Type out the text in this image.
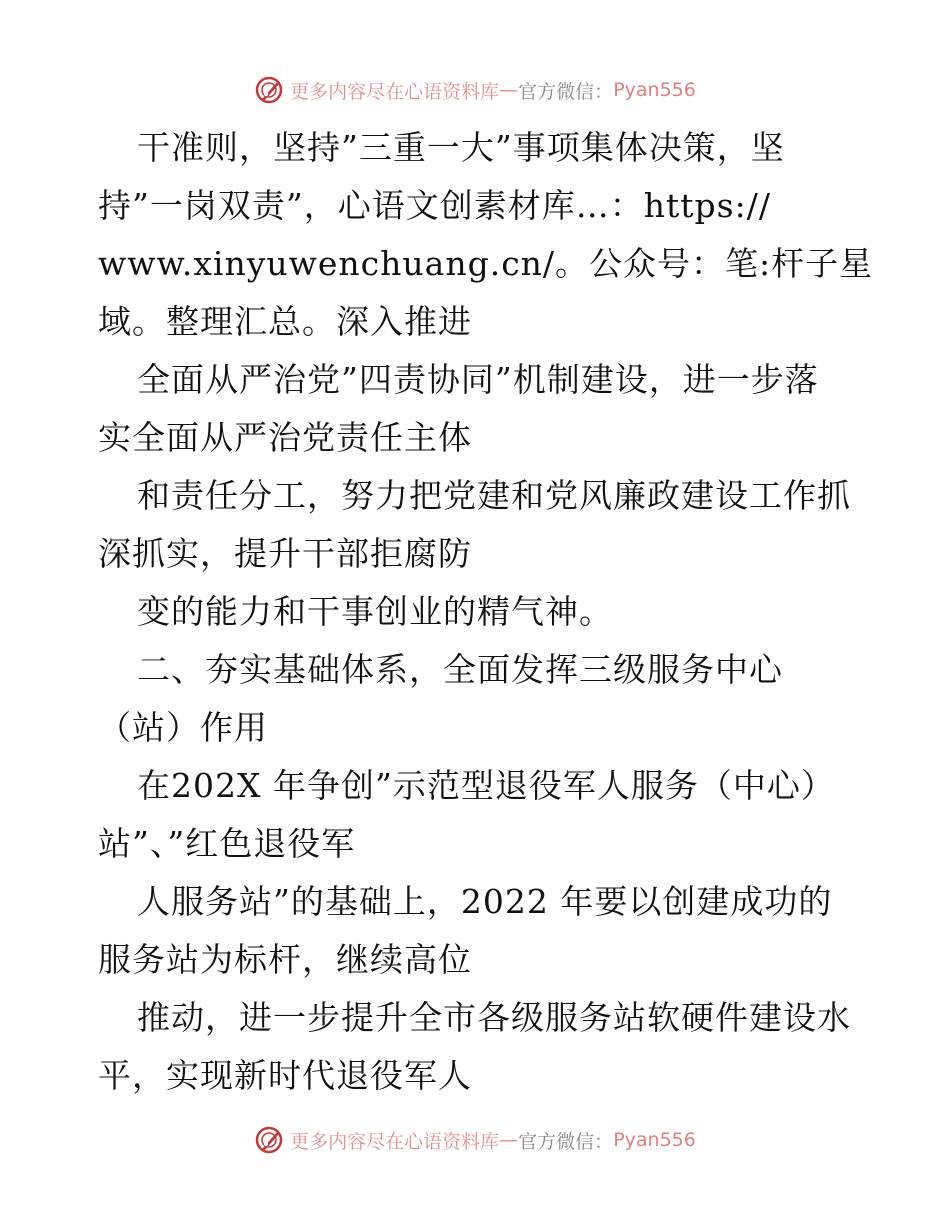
更多内容尽在心语资料库 — 官方微信： Pyan556
干准则，坚持”三重一大”事项集体决策，坚
持”一岗双责”，心语文创素材库…：https://
www.xinyuwenchuang.cn/。公众号：笔:杆子星
域。整理汇总。深入推进
全面从严治党”四责协同”机制建设，进一步落
实全面从严治党责任主体
和责任分工，努力把党建和党风廉政建设工作抓
深抓实，提升干部拒腐防
变的能力和干事创业的精气神。
二、夯实基础体系，全面发挥三级服务中心
（站）作用
在202X 年争创”示范型退役军人服务（中心）
站”、”红色退役军
人服务站”的基础上，2022 年要以创建成功的
服务站为标杆，继续高位
推动，进一步提升全市各级服务站软硬件建设水
平，实现新时代退役军人
更多内容尽在心语资料库 — 官方微信： Pyan556
